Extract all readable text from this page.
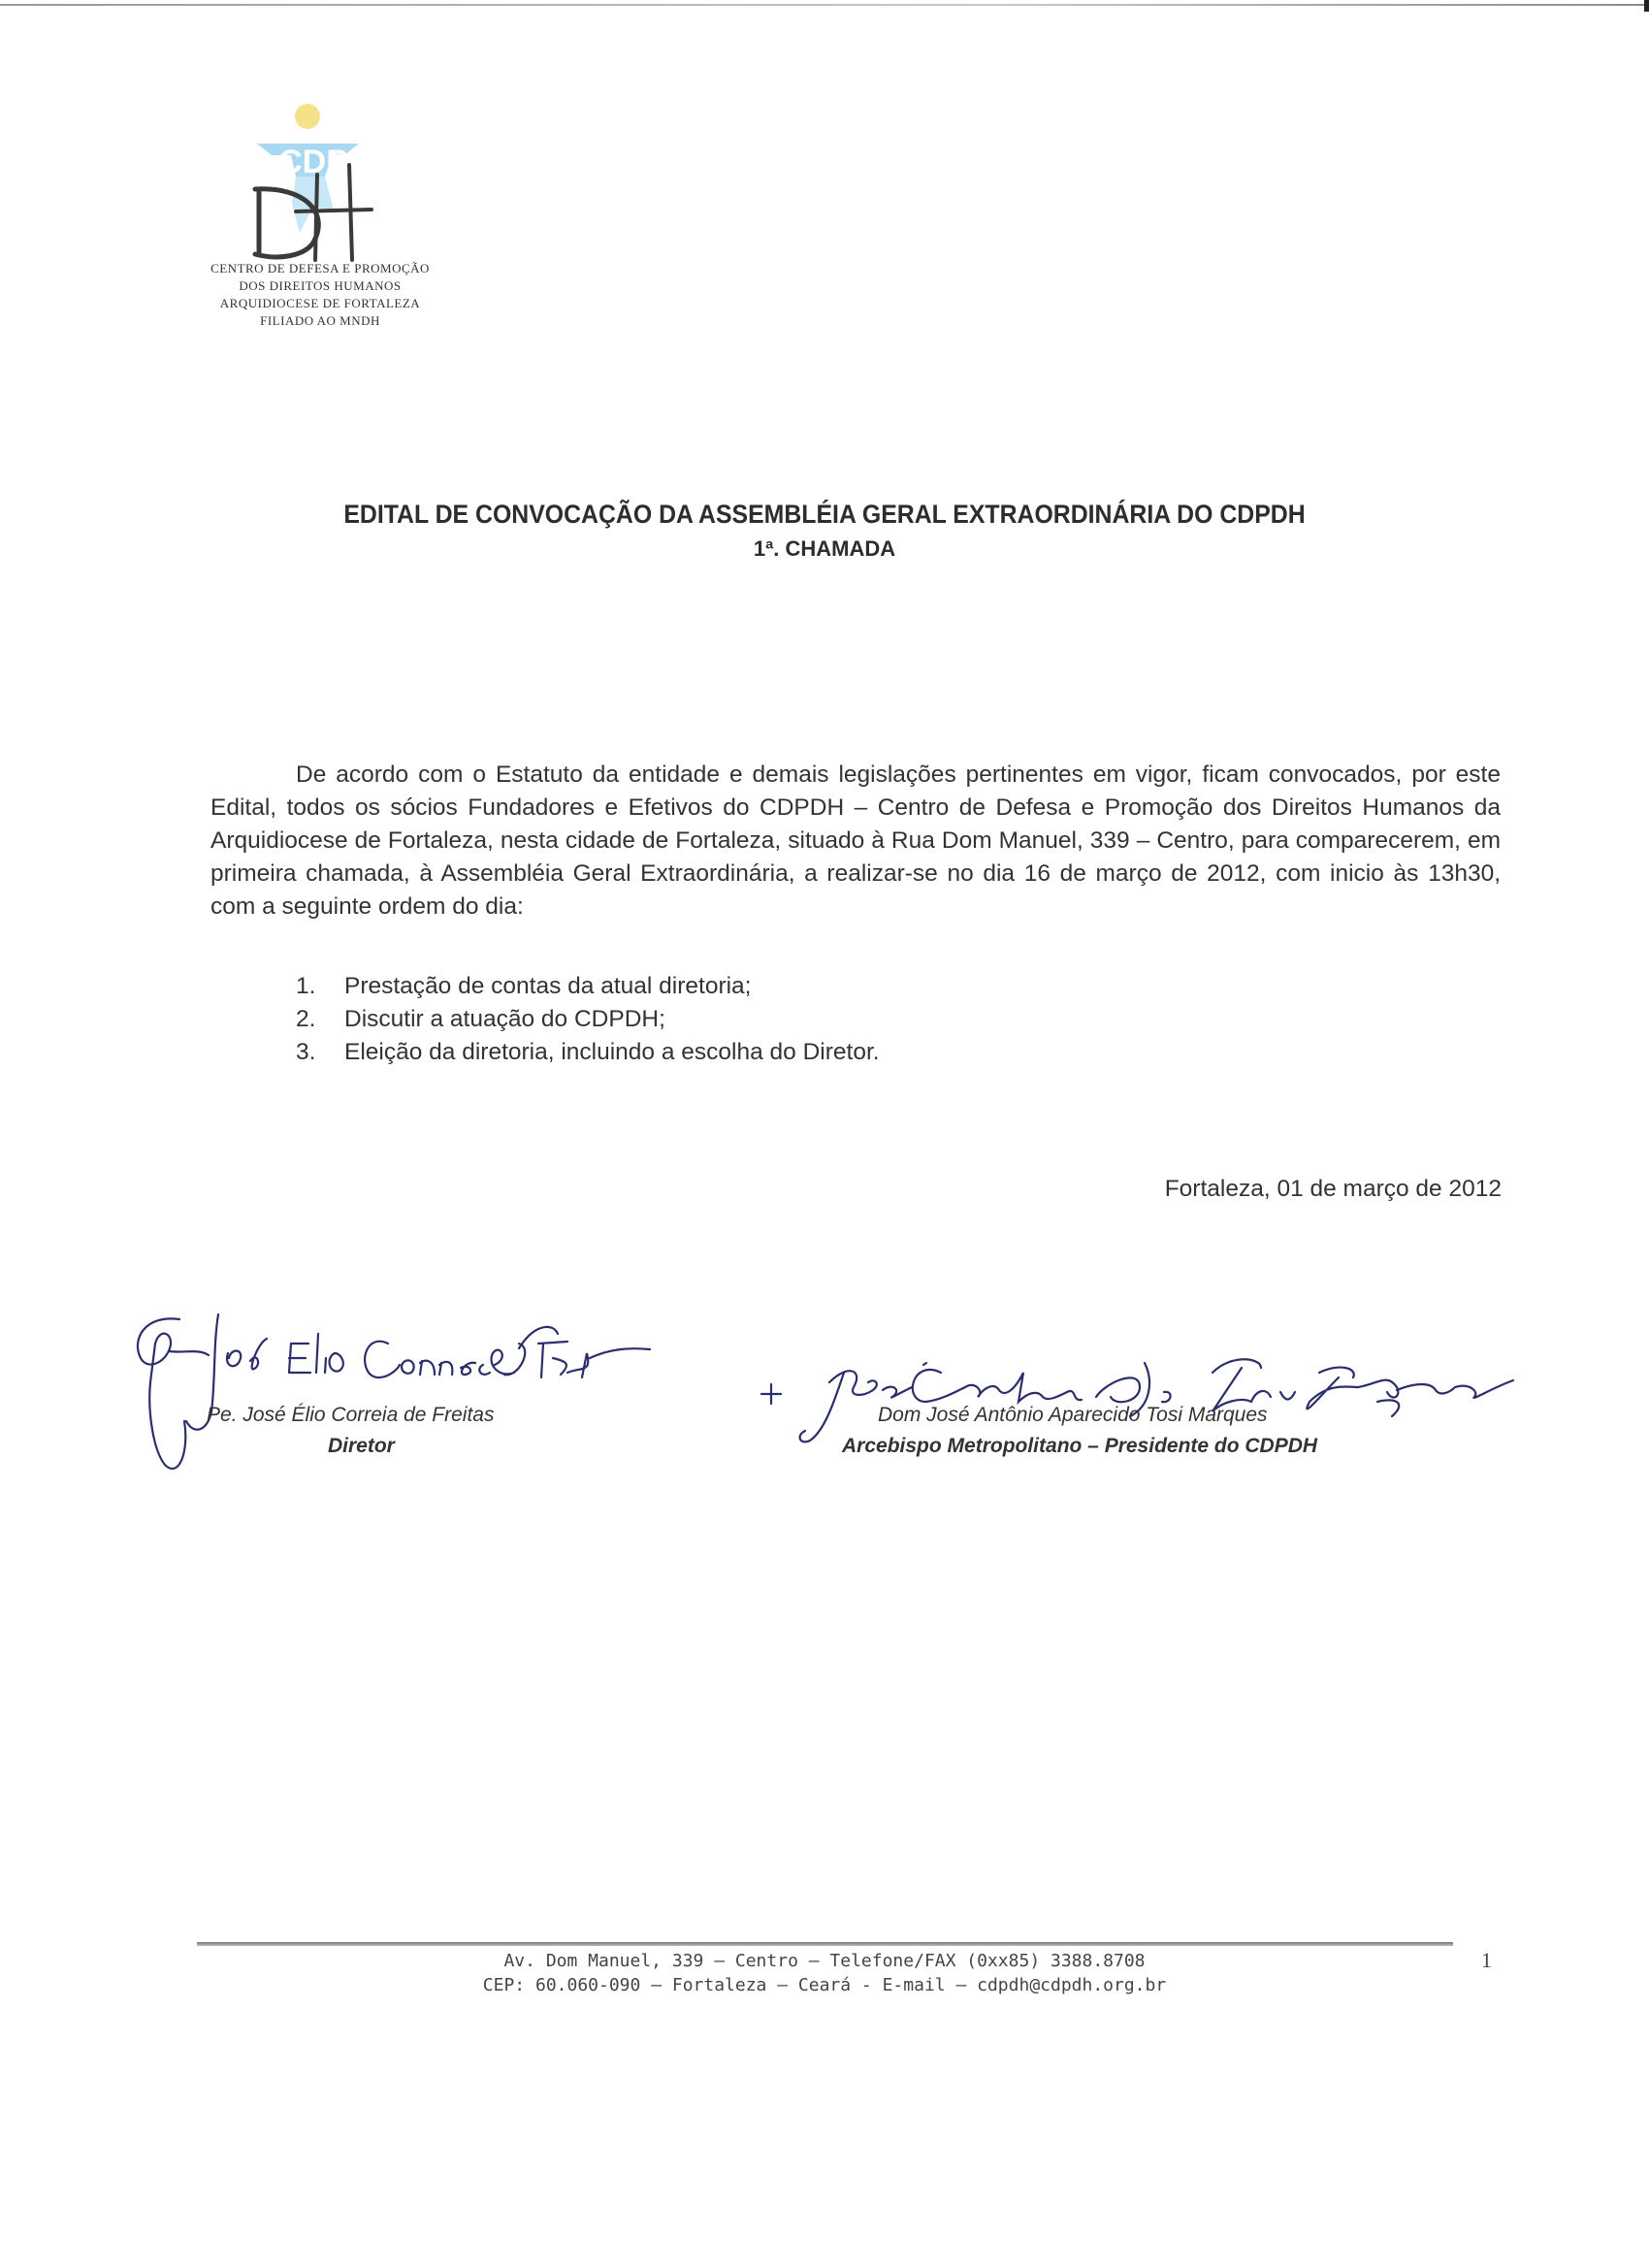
CDP
CENTRO DE DEFESA E PROMOÇÃO
DOS DIREITOS HUMANOS
ARQUIDIOCESE DE FORTALEZA
FILIADO AO MNDH
EDITAL DE CONVOCAÇÃO DA ASSEMBLÉIA GERAL EXTRAORDINÁRIA DO CDPDH
1ª. CHAMADA

De acordo com o Estatuto da entidade e demais legislações pertinentes em vigor, ficam convocados, por este Edital, todos os sócios Fundadores e Efetivos do CDPDH – Centro de Defesa e Promoção dos Direitos Humanos da Arquidiocese de Fortaleza, nesta cidade de Fortaleza, situado à Rua Dom Manuel, 339 – Centro, para comparecerem, em primeira chamada, à Assembléia Geral Extraordinária, a realizar-se no dia 16 de março de 2012, com inicio às 13h30, com a seguinte ordem do dia:

1. Prestação de contas da atual diretoria;
2. Discutir a atuação do CDPDH;
3. Eleição da diretoria, incluindo a escolha do Diretor.
Fortaleza, 01 de março de 2012
Pe. José Élio Correia de Freitas
Diretor
Dom José Antônio Aparecido Tosi Marques
Arcebispo Metropolitano – Presidente do CDPDH
Av. Dom Manuel, 339 – Centro – Telefone/FAX (0xx85) 3388.8708
CEP: 60.060-090 – Fortaleza – Ceará - E-mail – cdpdh@cdpdh.org.br
1
